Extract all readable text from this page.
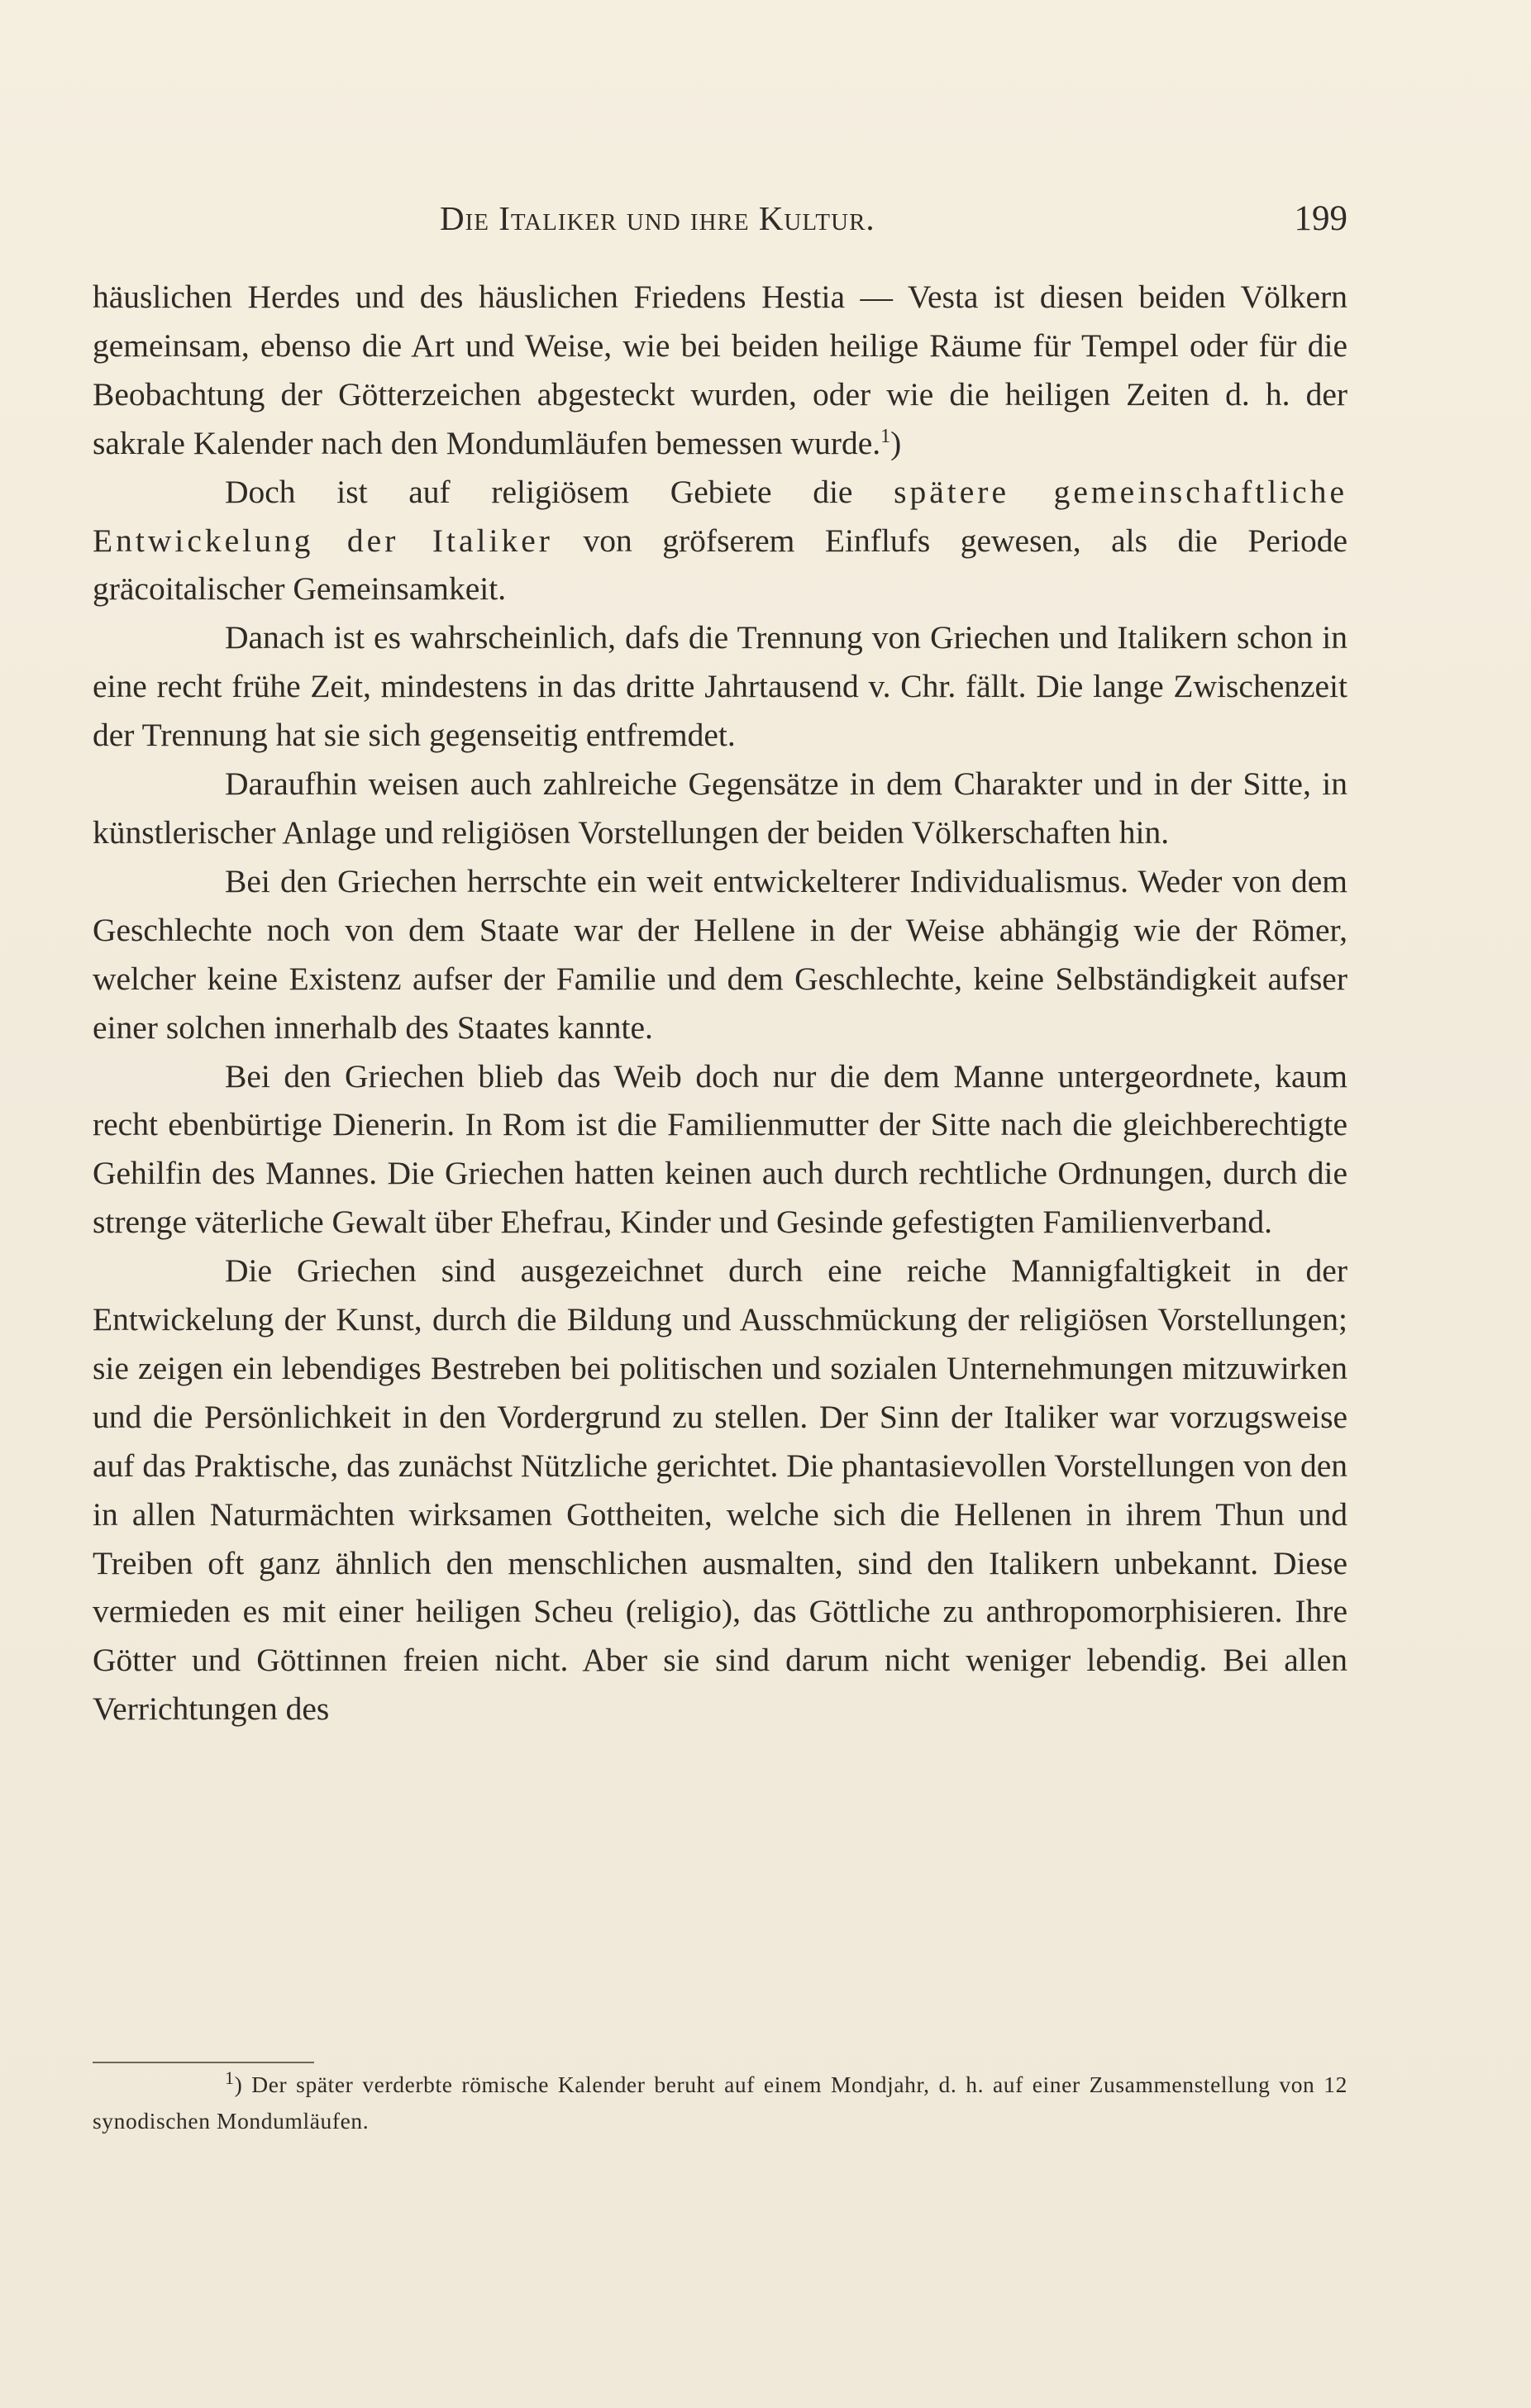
Die Italiker und ihre Kultur.	199

häuslichen Herdes und des häuslichen Friedens Hestia — Vesta ist diesen beiden Völkern gemeinsam, ebenso die Art und Weise, wie bei beiden heilige Räume für Tempel oder für die Beobachtung der Götterzeichen abgesteckt wurden, oder wie die heiligen Zeiten d. h. der sakrale Kalender nach den Mondumläufen bemessen wurde.$^1$)

Doch ist auf religiösem Gebiete die spätere gemeinschaftliche Entwickelung der Italiker von gröfserem Einflufs gewesen, als die Periode gräcoitalischer Gemeinsamkeit.

Danach ist es wahrscheinlich, dafs die Trennung von Griechen und Italikern schon in eine recht frühe Zeit, mindestens in das dritte Jahrtausend v. Chr. fällt. Die lange Zwischenzeit der Trennung hat sie sich gegenseitig entfremdet.

Daraufhin weisen auch zahlreiche Gegensätze in dem Charakter und in der Sitte, in künstlerischer Anlage und religiösen Vorstellungen der beiden Völkerschaften hin.

Bei den Griechen herrschte ein weit entwickelterer Individualismus. Weder von dem Geschlechte noch von dem Staate war der Hellene in der Weise abhängig wie der Römer, welcher keine Existenz aufser der Familie und dem Geschlechte, keine Selbständigkeit aufser einer solchen innerhalb des Staates kannte.

Bei den Griechen blieb das Weib doch nur die dem Manne untergeordnete, kaum recht ebenbürtige Dienerin. In Rom ist die Familienmutter der Sitte nach die gleichberechtigte Gehilfin des Mannes. Die Griechen hatten keinen auch durch rechtliche Ordnungen, durch die strenge väterliche Gewalt über Ehefrau, Kinder und Gesinde gefestigten Familienverband.

Die Griechen sind ausgezeichnet durch eine reiche Mannigfaltigkeit in der Entwickelung der Kunst, durch die Bildung und Ausschmückung der religiösen Vorstellungen; sie zeigen ein lebendiges Bestreben bei politischen und sozialen Unternehmungen mitzuwirken und die Persönlichkeit in den Vordergrund zu stellen. Der Sinn der Italiker war vorzugsweise auf das Praktische, das zunächst Nützliche gerichtet. Die phantasievollen Vorstellungen von den in allen Naturmächten wirksamen Gottheiten, welche sich die Hellenen in ihrem Thun und Treiben oft ganz ähnlich den menschlichen ausmalten, sind den Italikern unbekannt. Diese vermieden es mit einer heiligen Scheu (religio), das Göttliche zu anthropomorphisieren. Ihre Götter und Göttinnen freien nicht. Aber sie sind darum nicht weniger lebendig. Bei allen Verrichtungen des

$^1$) Der später verderbte römische Kalender beruht auf einem Mondjahr, d. h. auf einer Zusammenstellung von 12 synodischen Mondumläufen.
